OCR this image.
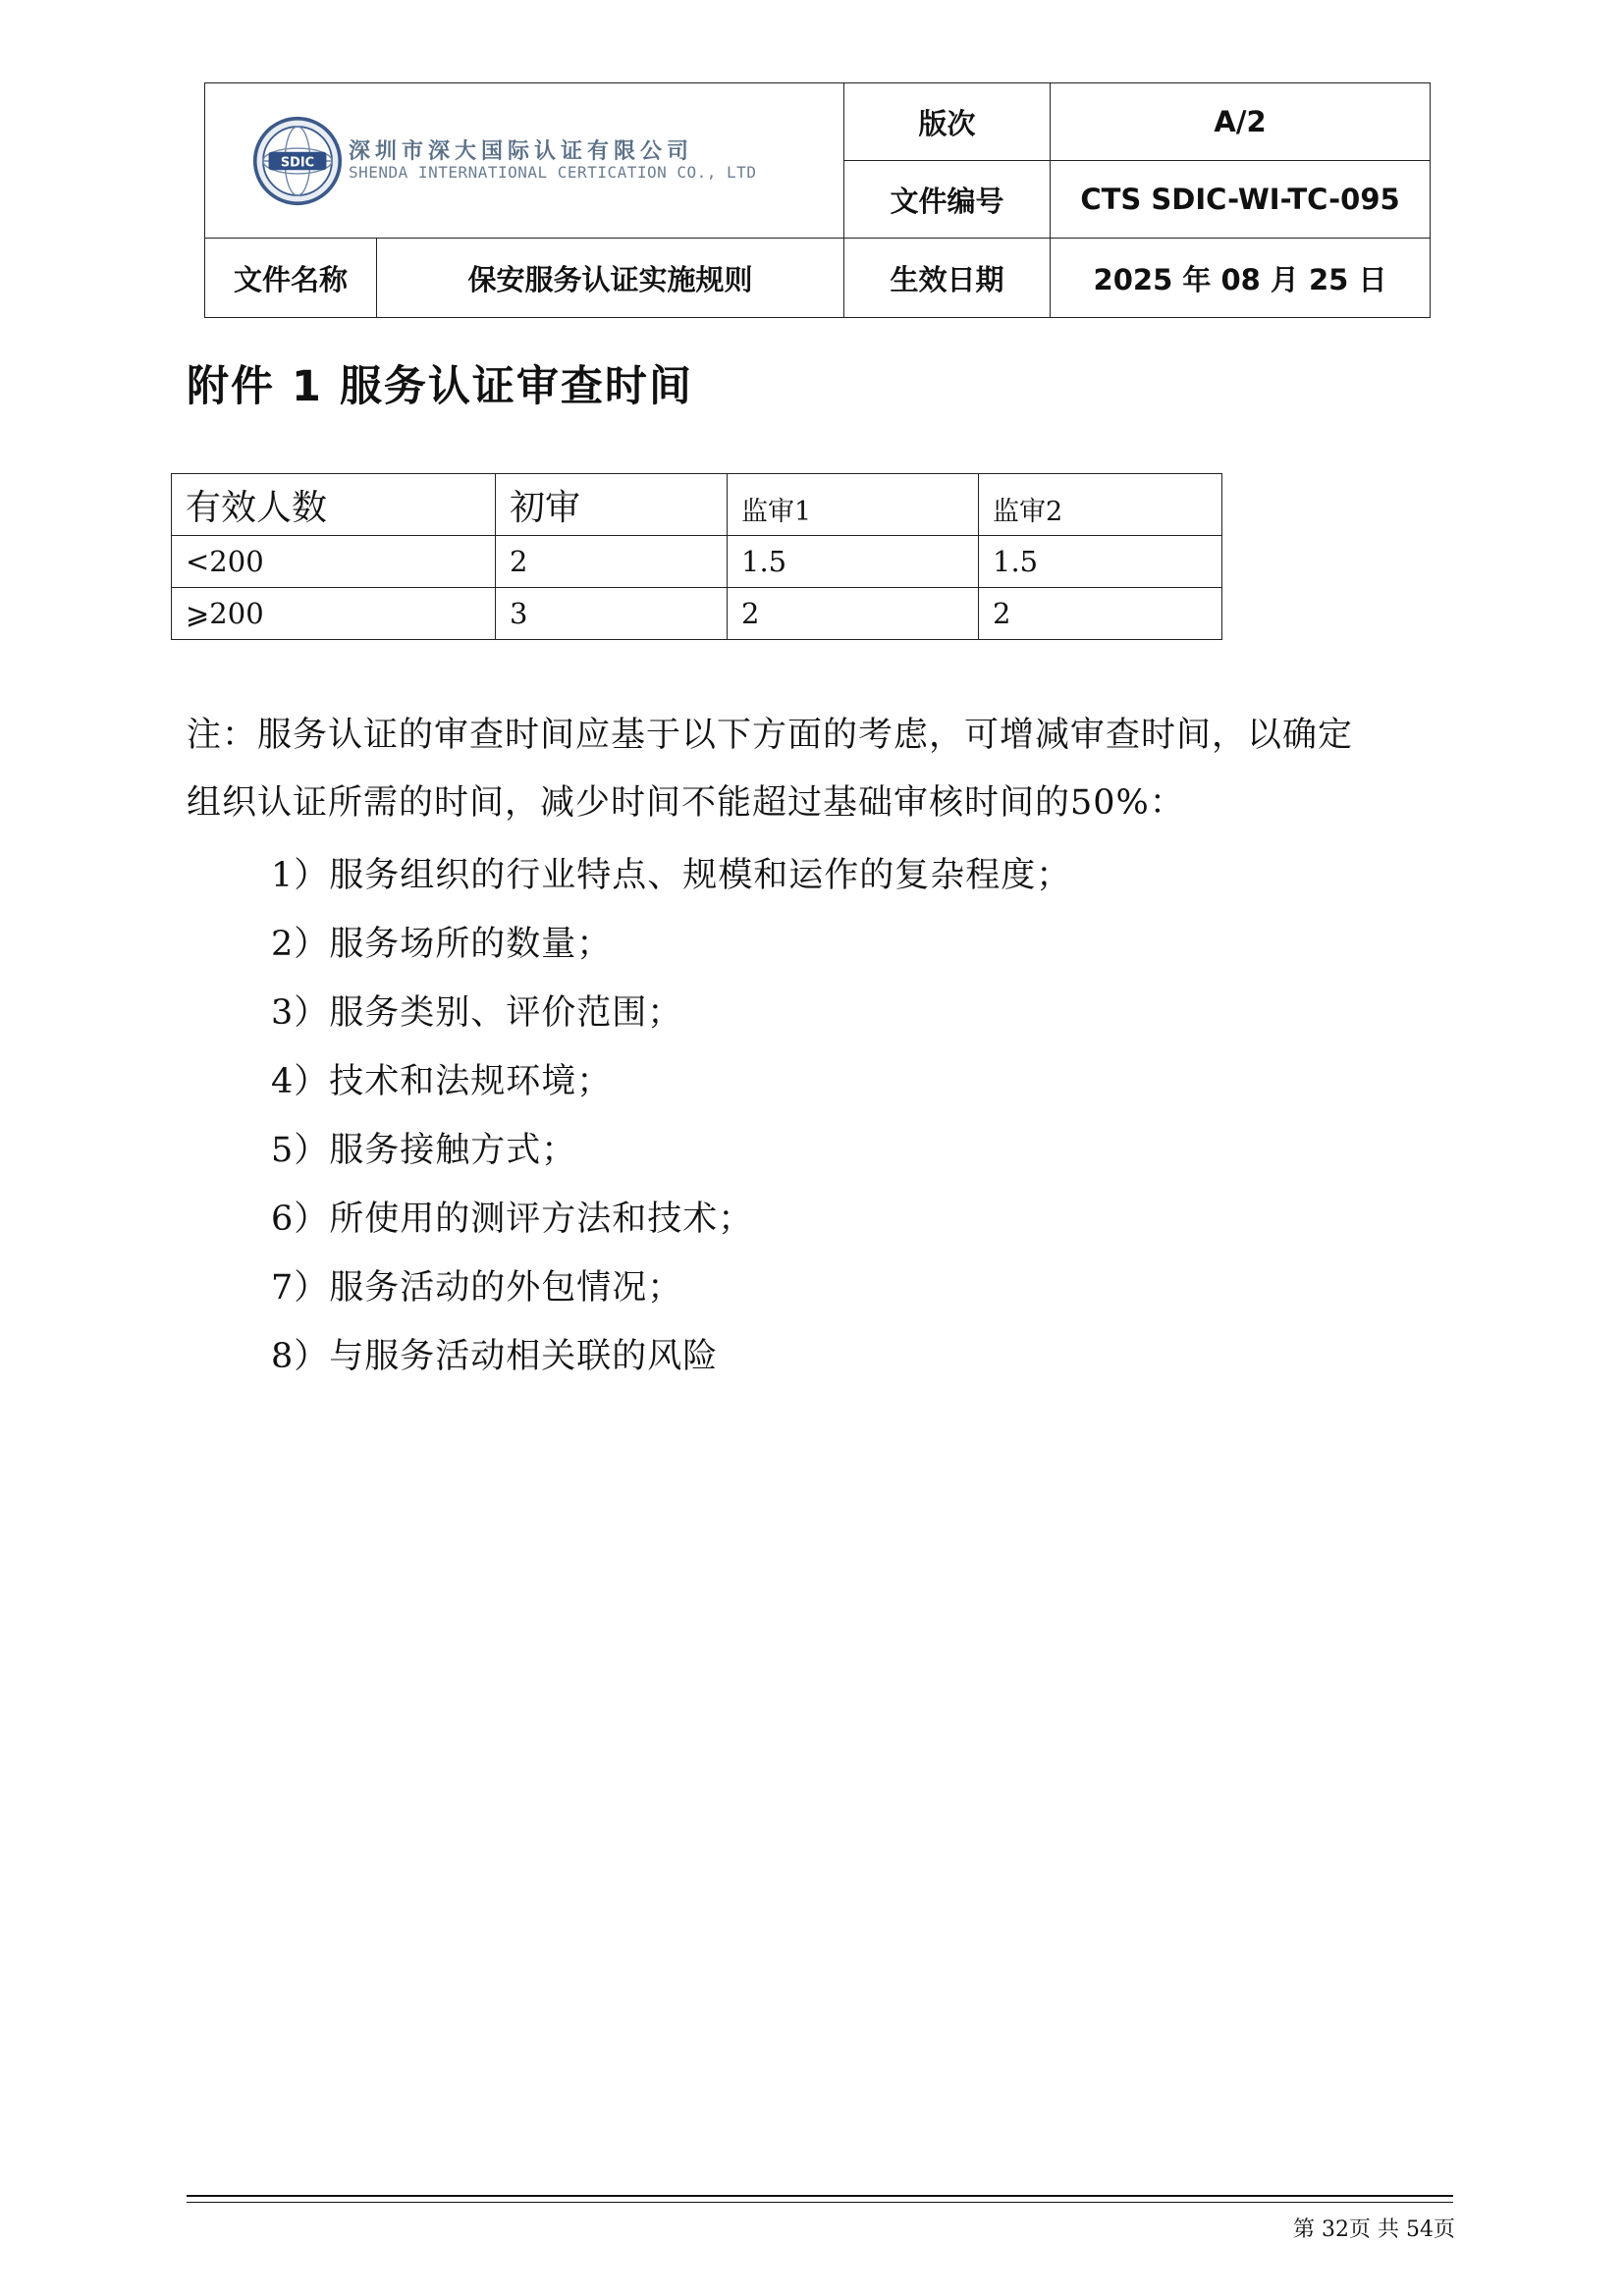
SDIC 深圳市深大国际认证有限公司
SHENDA INTERNATIONAL CERTICATION CO., LTD		版次	A/2
		文件编号	CTS SDIC-WI-TC-095
文件名称	保安服务认证实施规则	生效日期	2025 年 08 月 25 日
附件 1 服务认证审查时间
有效人数	初审	监审1	监审2
<200	2	1.5	1.5
⩾200	3	2	2

注：服务认证的审查时间应基于以下方面的考虑，可增减审查时间，以确定

组织认证所需的时间，减少时间不能超过基础审核时间的50%：

1）服务组织的行业特点、规模和运作的复杂程度；
2）服务场所的数量；
3）服务类别、评价范围；
4）技术和法规环境；
5）服务接触方式；
6）所使用的测评方法和技术；
7）服务活动的外包情况；
8）与服务活动相关联的风险
第 32页 共 54页
